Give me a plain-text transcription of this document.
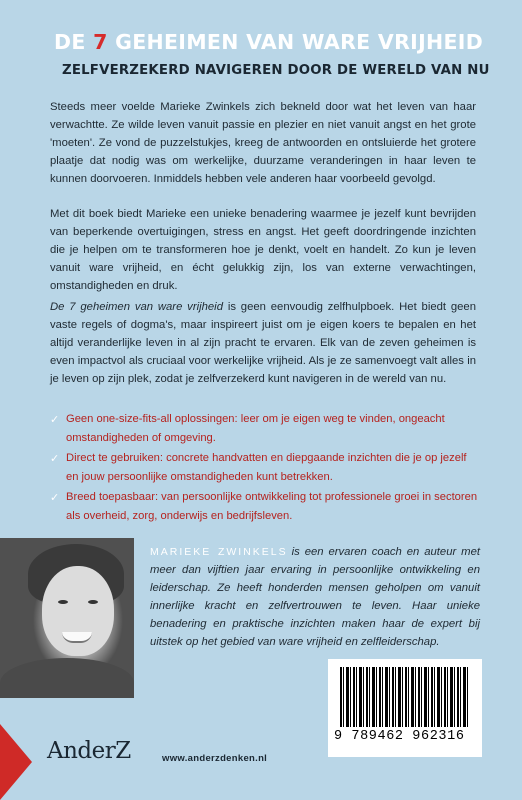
DE 7 GEHEIMEN VAN WARE VRIJHEID
ZELFVERZEKERD NAVIGEREN DOOR DE WERELD VAN NU
Steeds meer voelde Marieke Zwinkels zich bekneld door wat het leven van haar verwachtte. Ze wilde leven vanuit passie en plezier en niet vanuit angst en het grote 'moeten'. Ze vond de puzzelstukjes, kreeg de antwoorden en ontsluierde het grotere plaatje dat nodig was om werkelijke, duurzame veranderingen in haar leven te kunnen doorvoeren. Inmiddels hebben vele anderen haar voorbeeld gevolgd.
Met dit boek biedt Marieke een unieke benadering waarmee je jezelf kunt bevrijden van beperkende overtuigingen, stress en angst. Het geeft doordringende inzichten die je helpen om te transformeren hoe je denkt, voelt en handelt. Zo kun je leven vanuit ware vrijheid, en écht gelukkig zijn, los van externe verwachtingen, omstandigheden en druk.
De 7 geheimen van ware vrijheid is geen eenvoudig zelfhulpboek. Het biedt geen vaste regels of dogma's, maar inspireert juist om je eigen koers te bepalen en het altijd veranderlijke leven in al zijn pracht te ervaren. Elk van de zeven geheimen is even impactvol als cruciaal voor werkelijke vrijheid. Als je ze samenvoegt valt alles in je leven op zijn plek, zodat je zelfverzekerd kunt navigeren in de wereld van nu.
✓ Geen one-size-fits-all oplossingen: leer om je eigen weg te vinden, ongeacht omstandigheden of omgeving.
✓ Direct te gebruiken: concrete handvatten en diepgaande inzichten die je op jezelf en jouw persoonlijke omstandigheden kunt betrekken.
✓ Breed toepasbaar: van persoonlijke ontwikkeling tot professionele groei in sectoren als overheid, zorg, onderwijs en bedrijfsleven.
MARIEKE ZWINKELS is een ervaren coach en auteur met meer dan vijftien jaar ervaring in persoonlijke ontwikkeling en leiderschap. Ze heeft honderden mensen geholpen om vanuit innerlijke kracht en zelfvertrouwen te leven. Haar unieke benadering en praktische inzichten maken haar de expert bij uitstek op het gebied van ware vrijheid en zelfleiderschap.
AnderZ	www.anderzdenken.nl
9 789462 962316
